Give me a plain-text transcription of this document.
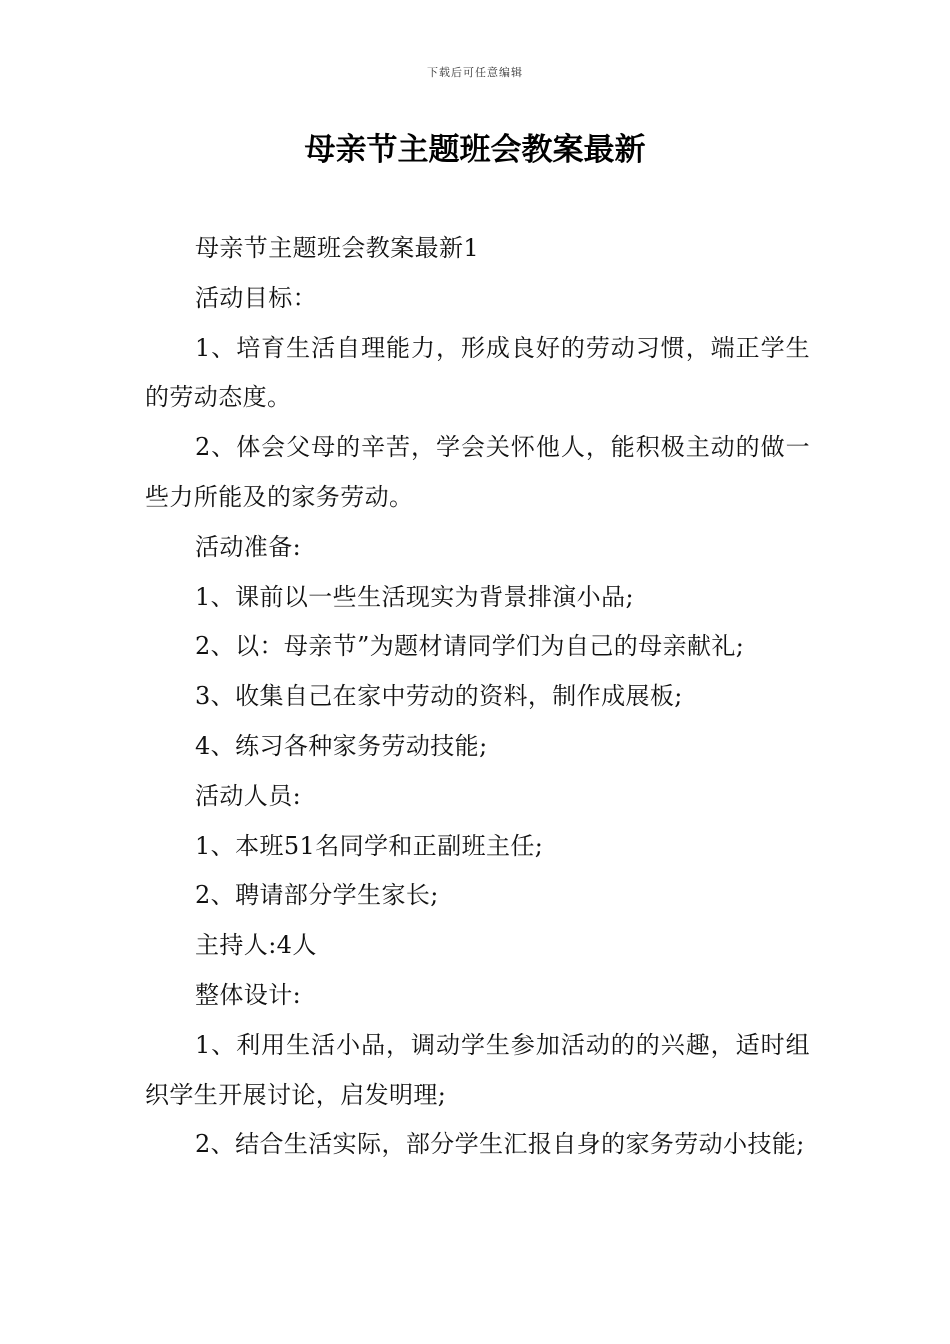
下载后可任意编辑
母亲节主题班会教案最新

母亲节主题班会教案最新1

活动目标：

1、培育生活自理能力，形成良好的劳动习惯，端正学生的劳动态度。

2、体会父母的辛苦，学会关怀他人，能积极主动的做一些力所能及的家务劳动。

活动准备:

1、课前以一些生活现实为背景排演小品;

2、以：母亲节”为题材请同学们为自己的母亲献礼;

3、收集自己在家中劳动的资料，制作成展板;

4、练习各种家务劳动技能;

活动人员:

1、本班51名同学和正副班主任;

2、聘请部分学生家长;

主持人:4人

整体设计:

1、利用生活小品，调动学生参加活动的的兴趣，适时组织学生开展讨论，启发明理;

2、结合生活实际，部分学生汇报自身的家务劳动小技能;
